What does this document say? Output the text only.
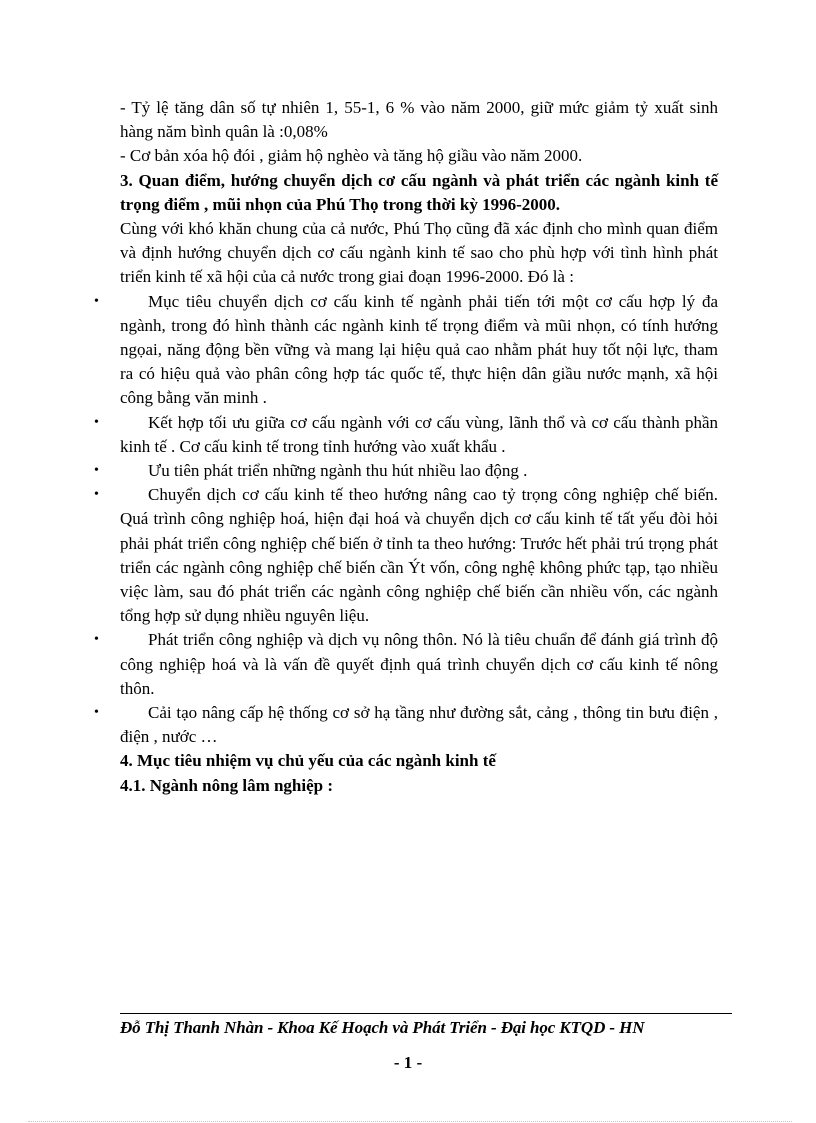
- Tỷ lệ tăng dân số tự nhiên 1, 55-1, 6 % vào năm 2000, giữ mức giảm tỷ xuất sinh hàng năm bình quân là :0,08%

- Cơ bản xóa hộ đói , giảm hộ nghèo và tăng hộ giầu vào năm 2000.

3. Quan điểm, hướng chuyển dịch cơ cấu ngành và phát triển các ngành kinh tế trọng điểm , mũi nhọn của Phú Thọ trong thời kỳ 1996-2000.

Cùng với khó khăn chung của cả nước, Phú Thọ cũng đã xác định cho mình quan điểm và định hướng chuyển dịch cơ cấu ngành kinh tế sao cho phù hợp với tình hình phát triển kinh tế xã hội của cả nước trong giai đoạn 1996-2000. Đó là :

•	Mục tiêu chuyển dịch cơ cấu kinh tế ngành phải tiến tới một cơ cấu hợp lý đa ngành, trong đó hình thành các ngành kinh tế trọng điểm và mũi nhọn, có tính hướng ngọai, năng động bền vững và mang lại hiệu quả cao nhằm phát huy tốt nội lực, tham ra có hiệu quả vào phân công hợp tác quốc tế, thực hiện dân giầu nước mạnh, xã hội công bằng văn minh .
•	Kết hợp tối ưu giữa cơ cấu ngành với cơ cấu vùng, lãnh thổ và cơ cấu thành phần kinh tế . Cơ cấu kinh tế trong tỉnh hướng vào xuất khẩu .
•	Ưu tiên phát triển những ngành thu hút nhiều lao động .
•	Chuyển dịch cơ cấu kinh tế theo hướng nâng cao tỷ trọng công nghiệp chế biến. Quá trình công nghiệp hoá, hiện đại hoá và chuyển dịch cơ cấu kinh tế tất yếu đòi hỏi phải phát triển công nghiệp chế biến ở tỉnh ta theo hướng: Trước hết phải trú trọng phát triển các ngành công nghiệp chế biến cần Ýt vốn, công nghệ không phức tạp, tạo nhiều việc làm, sau đó phát triển các ngành công nghiệp chế biến cần nhiều vốn, các ngành tổng hợp sử dụng nhiều nguyên liệu.
•	Phát triển công nghiệp và dịch vụ nông thôn. Nó là tiêu chuẩn để đánh giá trình độ công nghiệp hoá và là vấn đề quyết định quá trình chuyển dịch cơ cấu kinh tế nông thôn.
•	Cải tạo nâng cấp hệ thống cơ sở hạ tầng như đường sắt, cảng , thông tin bưu điện , điện , nước …

4. Mục tiêu nhiệm vụ chủ yếu của các ngành kinh tế

4.1. Ngành nông lâm nghiệp :

Đỗ Thị Thanh Nhàn - Khoa Kế Hoạch và Phát Triển - Đại học KTQD - HN
- 1 -
